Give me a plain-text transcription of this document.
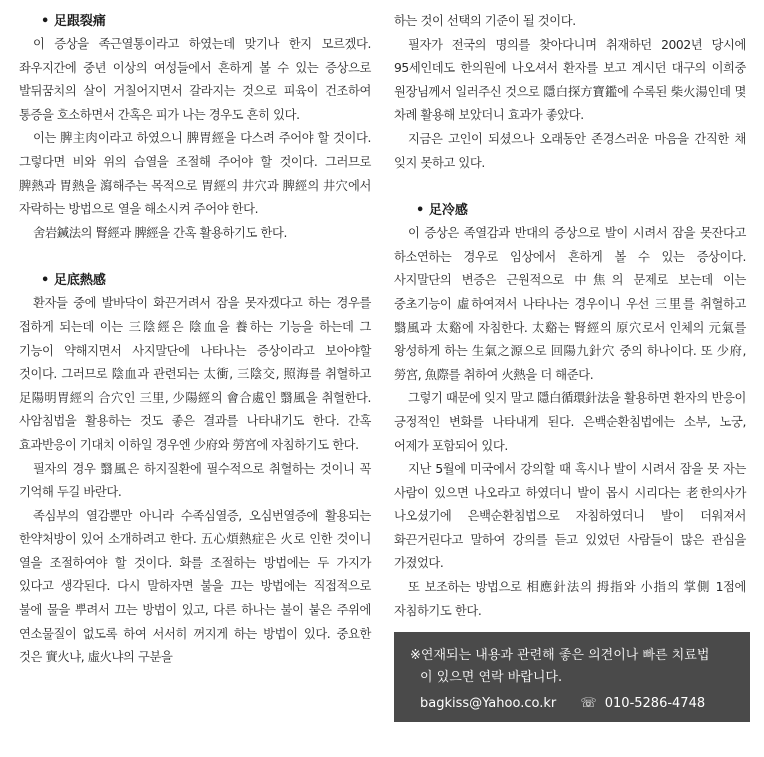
• 足跟裂痛

이 증상을 족근열통이라고 하였는데 맞기나 한지 모르겠다. 좌우지간에 중년 이상의 여성들에서 흔하게 볼 수 있는 증상으로 발뒤꿈치의 살이 거칠어지면서 갈라지는 것으로 피육이 건조하여 통증을 호소하면서 간혹은 피가 나는 경우도 흔히 있다.

이는 脾主肉이라고 하였으니 脾胃經을 다스려 주어야 할 것이다. 그렇다면 비와 위의 습열을 조절해 주어야 할 것이다. 그러므로 脾熱과 胃熱을 瀉해주는 목적으로 胃經의 井穴과 脾經의 井穴에서 자락하는 방법으로 열을 해소시켜 주어야 한다.

舍岩鍼法의 腎經과 脾經을 간혹 활용하기도 한다.

• 足底熱感

환자들 중에 발바닥이 화끈거려서 잠을 못자겠다고 하는 경우를 접하게 되는데 이는 三陰經은 陰血을 養하는 기능을 하는데 그 기능이 약해지면서 사지말단에 나타나는 증상이라고 보아야할 것이다. 그러므로 陰血과 관련되는 太衝, 三陰交, 照海를 취혈하고 足陽明胃經의 合穴인 三里, 少陽經의 會合處인 翳風을 취혈한다. 사암침법을 활용하는 것도 좋은 결과를 나타내기도 한다. 간혹 효과반응이 기대치 이하일 경우엔 少府와 勞宮에 자침하기도 한다.

필자의 경우 翳風은 하지질환에 필수적으로 취혈하는 것이니 꼭 기억해 두길 바란다.

족심부의 열감뿐만 아니라 수족심열증, 오심번열증에 활용되는 한약처방이 있어 소개하려고 한다. 五心煩熱症은 火로 인한 것이니 열을 조절하여야 할 것이다. 화를 조절하는 방법에는 두 가지가 있다고 생각된다. 다시 말하자면 불을 끄는 방법에는 직접적으로 불에 물을 뿌려서 끄는 방법이 있고, 다른 하나는 불이 붙은 주위에 연소물질이 없도록 하여 서서히 꺼지게 하는 방법이 있다. 중요한 것은 實火냐, 虛火냐의 구분을

하는 것이 선택의 기준이 될 것이다.

필자가 전국의 명의를 찾아다니며 취재하던 2002년 당시에 95세인데도 한의원에 나오셔서 환자를 보고 계시던 대구의 이희중 원장님께서 일러주신 것으로 隱白探方寶鑑에 수록된 柴火湯인데 몇 차례 활용해 보았더니 효과가 좋았다.

지금은 고인이 되셨으나 오래동안 존경스러운 마음을 간직한 채 잊지 못하고 있다.

• 足冷感

이 증상은 족열감과 반대의 증상으로 발이 시려서 잠을 못잔다고 하소연하는 경우로 임상에서 흔하게 볼 수 있는 증상이다. 사지말단의 변증은 근원적으로 中焦의 문제로 보는데 이는 중초기능이 虛하여져서 나타나는 경우이니 우선 三里를 취혈하고 翳風과 太谿에 자침한다. 太谿는 腎經의 原穴로서 인체의 元氣를 왕성하게 하는 生氣之源으로 回陽九針穴 중의 하나이다. 또 少府, 勞宮, 魚際를 취하여 火熱을 더 해준다.

그렇기 때문에 잊지 말고 隱白循環針法을 활용하면 환자의 반응이 긍정적인 변화를 나타내게 된다. 은백순환침법에는 소부, 노궁, 어제가 포함되어 있다.

지난 5월에 미국에서 강의할 때 혹시나 발이 시려서 잠을 못 자는 사람이 있으면 나오라고 하였더니 발이 몹시 시리다는 老한의사가 나오셨기에 은백순환침법으로 자침하였더니 발이 더워져서 화끈거린다고 말하여 강의를 듣고 있었던 사람들이 많은 관심을 가졌었다.

또 보조하는 방법으로 相應針法의 拇指와 小指의 掌側 1점에 자침하기도 한다.

※연재되는 내용과 관련해 좋은 의견이나 빠른 치료법
이 있으면 연락 바랍니다.

bagkiss@Yahoo.co.kr ☏ 010-5286-4748
